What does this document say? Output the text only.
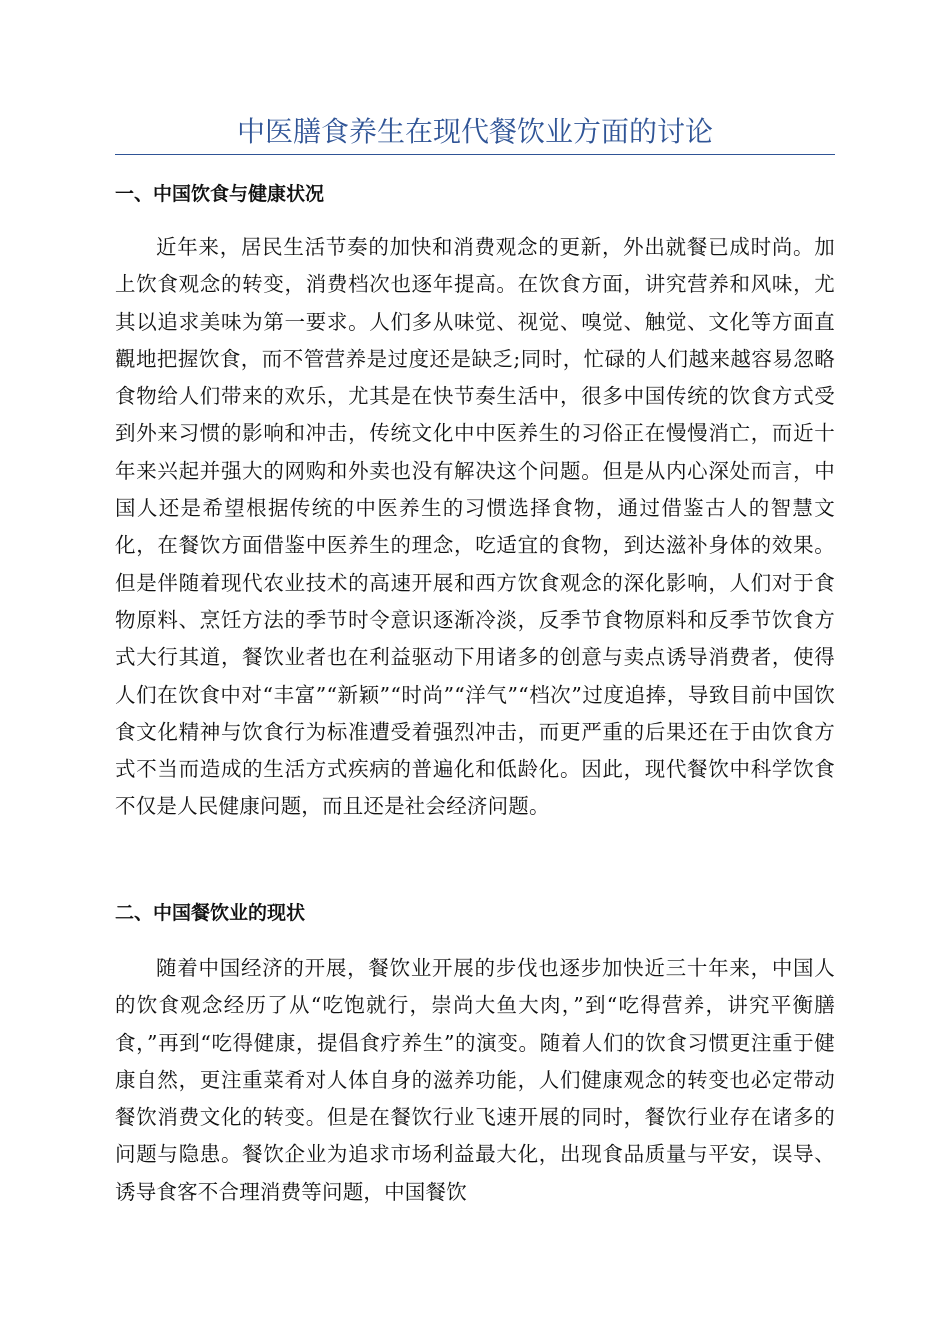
中医膳食养生在现代餐饮业方面的讨论
一、中国饮食与健康状况

近年来，居民生活节奏的加快和消费观念的更新，外出就餐已成时尚。加上饮食观念的转变，消费档次也逐年提高。在饮食方面，讲究营养和风味，尤其以追求美味为第一要求。人们多从味觉、视觉、嗅觉、触觉、文化等方面直觀地把握饮食，而不管营养是过度还是缺乏;同时，忙碌的人们越来越容易忽略食物给人们带来的欢乐，尤其是在快节奏生活中，很多中国传统的饮食方式受到外来习惯的影响和冲击，传统文化中中医养生的习俗正在慢慢消亡，而近十年来兴起并强大的网购和外卖也没有解决这个问题。但是从内心深处而言，中国人还是希望根据传统的中医养生的习惯选择食物，通过借鉴古人的智慧文化，在餐饮方面借鉴中医养生的理念，吃适宜的食物，到达滋补身体的效果。但是伴随着现代农业技术的高速开展和西方饮食观念的深化影响，人们对于食物原料、烹饪方法的季节时令意识逐渐冷淡，反季节食物原料和反季节饮食方式大行其道，餐饮业者也在利益驱动下用诸多的创意与卖点诱导消费者，使得人们在饮食中对“丰富”“新颖”“时尚”“洋气”“档次”过度追捧，导致目前中国饮食文化精神与饮食行为标准遭受着强烈冲击，而更严重的后果还在于由饮食方式不当而造成的生活方式疾病的普遍化和低龄化。因此，现代餐饮中科学饮食不仅是人民健康问题，而且还是社会经济问题。

二、中国餐饮业的现状

随着中国经济的开展，餐饮业开展的步伐也逐步加快近三十年来，中国人的饮食观念经历了从“吃饱就行，崇尚大鱼大肉，”到“吃得营养，讲究平衡膳食，”再到“吃得健康，提倡食疗养生”的演变。随着人们的饮食习惯更注重于健康自然，更注重菜肴对人体自身的滋养功能，人们健康观念的转变也必定带动餐饮消费文化的转变。但是在餐饮行业飞速开展的同时，餐饮行业存在诸多的问题与隐患。餐饮企业为追求市场利益最大化，出现食品质量与平安，误导、诱导食客不合理消费等问题，中国餐饮
